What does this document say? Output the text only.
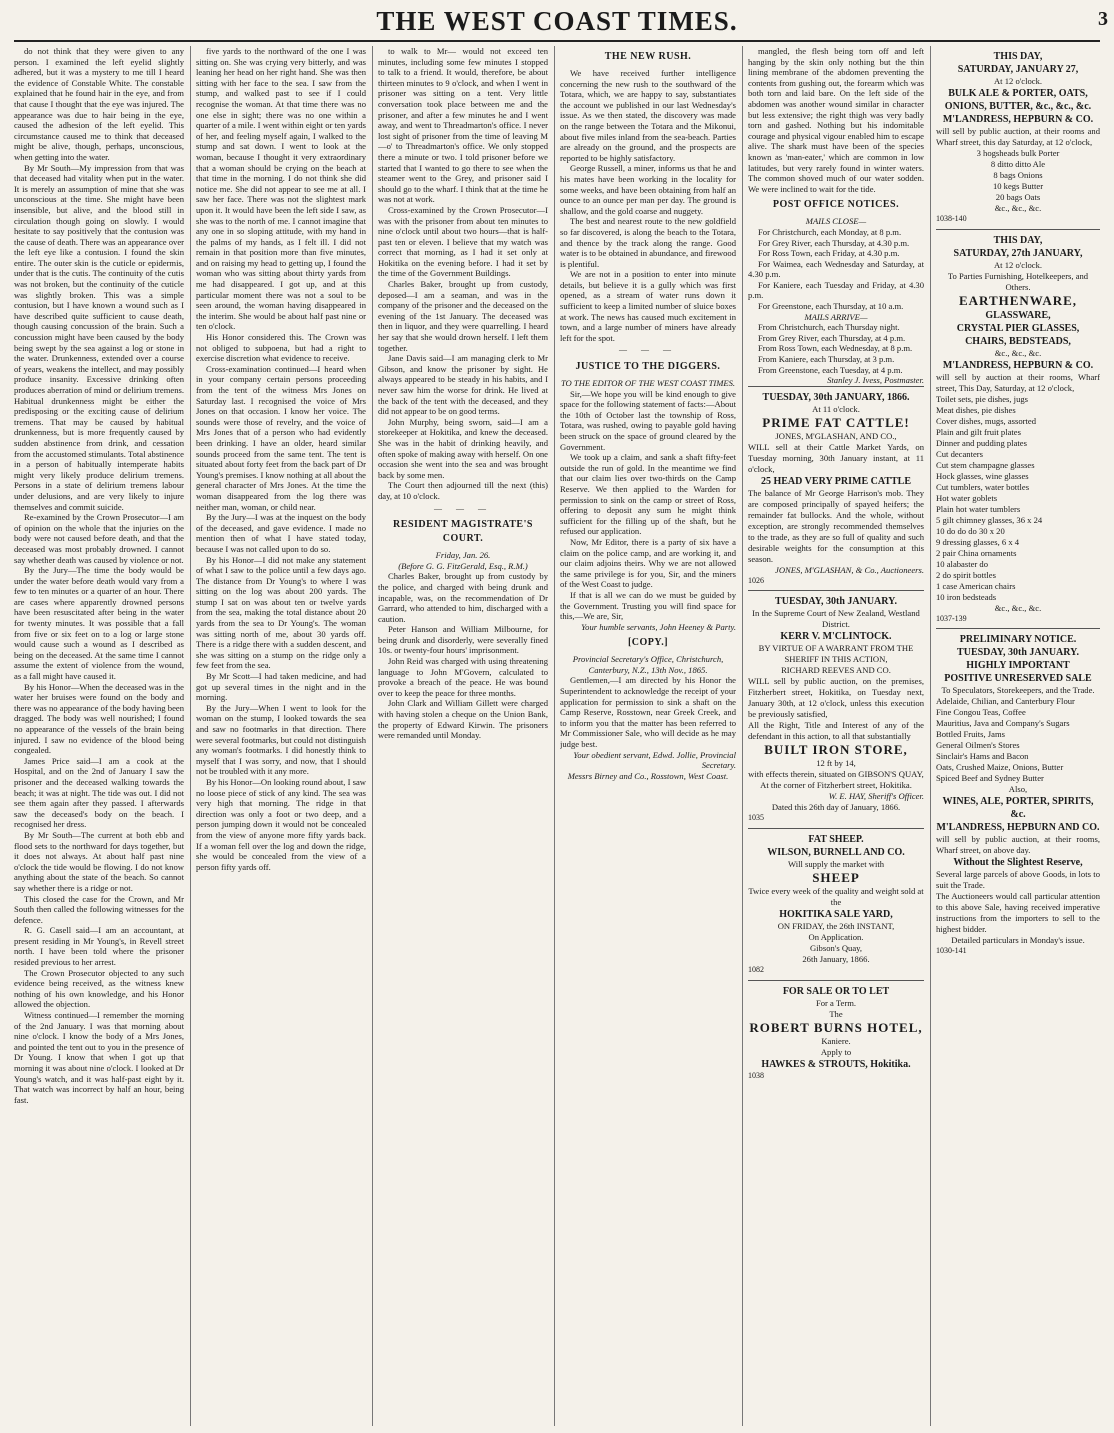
THE WEST COAST TIMES.	3

do not think that they were given to any person. I examined the left eyelid slightly adhered, but it was a mystery to me till I heard the evidence of Constable White. The constable explained that he found hair in the eye, and from that cause I thought that the eye was injured. The appearance was due to hair being in the eye, caused the adhesion of the left eyelid. This circumstance caused me to think that deceased might be alive, though, perhaps, unconscious, when getting into the water.

By Mr South—My impression from that was that deceased had vitality when put in the water. It is merely an assumption of mine that she was unconscious at the time. She might have been insensible, but alive, and the blood still in circulation though going on slowly. I would hesitate to say positively that the contusion was the cause of death. There was an appearance over the left eye like a contusion. I found the skin entire. The outer skin is the cuticle or epidermis, under that is the cutis. The continuity of the cutis was not broken, but the continuity of the cuticle was slightly broken. This was a simple contusion, but I have known a wound such as I have described quite sufficient to cause death, though causing concussion of the brain. Such a concussion might have been caused by the body being swept by the sea against a log or stone in the water. Drunkenness, extended over a course of years, weakens the intellect, and may possibly produce insanity. Excessive drinking often produces aberration of mind or delirium tremens. Habitual drunkenness might be either the predisposing or the exciting cause of delirium tremens. That may be caused by habitual drunkenness, but is more frequently caused by sudden abstinence from drink, and cessation from the accustomed stimulants. Total abstinence in a person of habitually intemperate habits might very likely produce delirium tremens. Persons in a state of delirium tremens labour under delusions, and are very likely to injure themselves and commit suicide.

Re-examined by the Crown Prosecutor—I am of opinion on the whole that the injuries on the body were not caused before death, and that the deceased was most probably drowned. I cannot say whether death was caused by violence or not.

By the Jury—The time the body would be under the water before death would vary from a few to ten minutes or a quarter of an hour. There are cases where apparently drowned persons have been resuscitated after being in the water for twenty minutes. It was possible that a fall from five or six feet on to a log or large stone would cause such a wound as I described as being on the deceased. At the same time I cannot assume the extent of violence from the wound, as a fall might have caused it.

By his Honor—When the deceased was in the water her bruises were found on the body and there was no appearance of the body having been dragged. The body was well nourished; I found no appearance of the vessels of the brain being injured. I saw no evidence of the blood being congealed.

James Price said—I am a cook at the Hospital, and on the 2nd of January I saw the prisoner and the deceased walking towards the beach; it was at night. The tide was out. I did not see them again after they passed. I afterwards saw the deceased's body on the beach. I recognised her dress.

By Mr South—The current at both ebb and flood sets to the northward for days together, but it does not always. At about half past nine o'clock the tide would be flowing. I do not know anything about the state of the beach. So cannot say whether there is a ridge or not.

This closed the case for the Crown, and Mr South then called the following witnesses for the defence.

R. G. Casell said—I am an accountant, at present residing in Mr Young's, in Revell street north. I have been told where the prisoner resided previous to her arrest.

The Crown Prosecutor objected to any such evidence being received, as the witness knew nothing of his own knowledge, and his Honor allowed the objection.

Witness continued—I remember the morning of the 2nd January. I was that morning about nine o'clock. I know the body of a Mrs Jones, and pointed the tent out to you in the presence of Dr Young. I know that when I got up that morning it was about nine o'clock. I looked at Dr Young's watch, and it was half-past eight by it. That watch was incorrect by half an hour, being fast.

five yards to the northward of the one I was sitting on. She was crying very bitterly, and was leaning her head on her right hand. She was then sitting with her face to the sea. I saw from the stump, and walked past to see if I could recognise the woman. At that time there was no one else in sight; there was no one within a quarter of a mile. I went within eight or ten yards of her, and feeling myself again, I walked to the stump and sat down. I went to look at the woman, because I thought it very extraordinary that a woman should be crying on the beach at that time in the morning. I do not think she did notice me. She did not appear to see me at all. I saw her face. There was not the slightest mark upon it. It would have been the left side I saw, as she was to the north of me. I cannot imagine that any one in so sloping attitude, with my hand in the palms of my hands, as I felt ill. I did not remain in that position more than five minutes, and on raising my head to getting up, I found the woman who was sitting about thirty yards from me had disappeared. I got up, and at this particular moment there was not a soul to be seen around, the woman having disappeared in the interim. She would be about half past nine or ten o'clock.

His Honor considered this. The Crown was not obliged to subpoena, but had a right to exercise discretion what evidence to receive.

Cross-examination continued—I heard when in your company certain persons proceeding from the tent of the witness Mrs Jones on Saturday last. I recognised the voice of Mrs Jones on that occasion. I know her voice. The sounds were those of revelry, and the voice of Mrs Jones that of a person who had evidently been drinking. I have an older, heard similar sounds proceed from the same tent. The tent is situated about forty feet from the back part of Dr Young's premises. I know nothing at all about the general character of Mrs Jones. At the time the woman disappeared from the log there was neither man, woman, or child near.

By the Jury—I was at the inquest on the body of the deceased, and gave evidence. I made no mention then of what I have stated today, because I was not called upon to do so.

By his Honor—I did not make any statement of what I saw to the police until a few days ago. The distance from Dr Young's to where I was sitting on the log was about 200 yards. The stump I sat on was about ten or twelve yards from the sea, making the total distance about 20 yards from the sea to Dr Young's. The woman was sitting north of me, about 30 yards off. There is a ridge there with a sudden descent, and she was sitting on a stump on the ridge only a few feet from the sea.

By Mr Scott—I had taken medicine, and had got up several times in the night and in the morning.

By the Jury—When I went to look for the woman on the stump, I looked towards the sea and saw no footmarks in that direction. There were several footmarks, but could not distinguish any woman's footmarks. I did honestly think to myself that I was sorry, and now, that I should not be troubled with it any more.

By his Honor—On looking round about, I saw no loose piece of stick of any kind. The sea was very high that morning. The ridge in that direction was only a foot or two deep, and a person jumping down it would not be concealed from the view of anyone more fifty yards back. If a woman fell over the log and down the ridge, she would be concealed from the view of a person fifty yards off.

to walk to Mr— would not exceed ten minutes, including some few minutes I stopped to talk to a friend. It would, therefore, be about thirteen minutes to 9 o'clock, and when I went in prisoner was sitting on a tent. Very little conversation took place between me and the prisoner, and after a few minutes he and I went away, and went to Threadmarton's office. I never lost sight of prisoner from the time of leaving M—o' to Threadmarton's office. We only stopped there a minute or two. I told prisoner before we started that I wanted to go there to see when the steamer went to the Grey, and prisoner said I should go to the wharf. I think that at the time he was not at work.

Cross-examined by the Crown Prosecutor—I was with the prisoner from about ten minutes to nine o'clock until about two hours—that is half-past ten or eleven. I believe that my watch was correct that morning, as I had it set only at Hokitika on the evening before. I had it set by the time of the Government Buildings.

Charles Baker, brought up from custody, deposed—I am a seaman, and was in the company of the prisoner and the deceased on the evening of the 1st January. The deceased was then in liquor, and they were quarrelling. I heard her say that she would drown herself. I left them together.

Jane Davis said—I am managing clerk to Mr Gibson, and know the prisoner by sight. He always appeared to be steady in his habits, and I never saw him the worse for drink. He lived at the back of the tent with the deceased, and they did not appear to be on good terms.

John Murphy, being sworn, said—I am a storekeeper at Hokitika, and knew the deceased. She was in the habit of drinking heavily, and often spoke of making away with herself. On one occasion she went into the sea and was brought back by some men.

The Court then adjourned till the next (this) day, at 10 o'clock.

— — —
RESIDENT MAGISTRATE'S COURT.
Friday, Jan. 26.
(Before G. G. FitzGerald, Esq., R.M.)

Charles Baker, brought up from custody by the police, and charged with being drunk and incapable, was, on the recommendation of Dr Garrard, who attended to him, discharged with a caution.

Peter Hanson and William Milbourne, for being drunk and disorderly, were severally fined 10s. or twenty-four hours' imprisonment.

John Reid was charged with using threatening language to John M'Govern, calculated to provoke a breach of the peace. He was bound over to keep the peace for three months.

John Clark and William Gillett were charged with having stolen a cheque on the Union Bank, the property of Edward Kirwin. The prisoners were remanded until Monday.

THE NEW RUSH.

We have received further intelligence concerning the new rush to the southward of the Totara, which, we are happy to say, substantiates the account we published in our last Wednesday's issue. As we then stated, the discovery was made on the range between the Totara and the Mikonui, about five miles inland from the sea-beach. Parties are already on the ground, and the prospects are reported to be highly satisfactory.

George Russell, a miner, informs us that he and his mates have been working in the locality for some weeks, and have been obtaining from half an ounce to an ounce per man per day. The ground is shallow, and the gold coarse and nuggety.

The best and nearest route to the new goldfield so far discovered, is along the beach to the Totara, and thence by the track along the range. Good water is to be obtained in abundance, and firewood is plentiful.

We are not in a position to enter into minute details, but believe it is a gully which was first opened, as a stream of water runs down it sufficient to keep a limited number of sluice boxes at work. The news has caused much excitement in town, and a large number of miners have already left for the spot.

— — —
JUSTICE TO THE DIGGERS.
TO THE EDITOR OF THE WEST COAST TIMES.

Sir,—We hope you will be kind enough to give space for the following statement of facts:—About the 10th of October last the township of Ross, Totara, was rushed, owing to payable gold having been struck on the space of ground cleared by the Government.

We took up a claim, and sank a shaft fifty-feet outside the run of gold. In the meantime we find that our claim lies over two-thirds on the Camp Reserve. We then applied to the Warden for permission to sink on the camp or street of Ross, offering to deposit any sum he might think sufficient for the filling up of the shaft, but he refused our application.

Now, Mr Editor, there is a party of six have a claim on the police camp, and are working it, and our claim adjoins theirs. Why we are not allowed the same privilege is for you, Sir, and the miners of the West Coast to judge.

If that is all we can do we must be guided by the Government. Trusting you will find space for this,—We are, Sir,

Your humble servants, John Heeney & Party.
[COPY.]
Provincial Secretary's Office, Christchurch, Canterbury, N.Z., 13th Nov., 1865.

Gentlemen,—I am directed by his Honor the Superintendent to acknowledge the receipt of your application for permission to sink a shaft on the Camp Reserve, Rosstown, near Greek Creek, and to inform you that the matter has been referred to Mr Commissioner Sale, who will decide as he may judge best.

Your obedient servant, Edwd. Jollie, Provincial Secretary.
Messrs Birney and Co., Rosstown, West Coast.

mangled, the flesh being torn off and left hanging by the skin only nothing but the thin lining membrane of the abdomen preventing the contents from gushing out, the forearm which was both torn and laid bare. On the left side of the abdomen was another wound similar in character but less extensive; the right thigh was very badly torn and gashed. Nothing but his indomitable courage and physical vigour enabled him to escape alive. The shark must have been of the species known as 'man-eater,' which are common in low latitudes, but very rarely found in winter waters. The common shoved much of our water sodden. We were inclined to wait for the tide.

POST OFFICE NOTICES.
MAILS CLOSE—

For Christchurch, each Monday, at 8 p.m.

For Grey River, each Thursday, at 4.30 p.m.

For Ross Town, each Friday, at 4.30 p.m.

For Waimea, each Wednesday and Saturday, at 4.30 p.m.

For Kaniere, each Tuesday and Friday, at 4.30 p.m.

For Greenstone, each Thursday, at 10 a.m.

MAILS ARRIVE—

From Christchurch, each Thursday night.

From Grey River, each Thursday, at 4 p.m.

From Ross Town, each Wednesday, at 8 p.m.

From Kaniere, each Thursday, at 3 p.m.

From Greenstone, each Tuesday, at 4 p.m.

Stanley J. Ivess, Postmaster.
TUESDAY, 30th JANUARY, 1866.
At 11 o'clock.
PRIME FAT CATTLE!
JONES, M'GLASHAN, AND CO.,
WILL sell at their Cattle Market Yards, on Tuesday morning, 30th January instant, at 11 o'clock,
25 HEAD VERY PRIME CATTLE
The balance of Mr George Harrison's mob. They are composed principally of spayed heifers; the remainder fat bullocks. And the whole, without exception, are strongly recommended themselves to the trade, as they are so full of quality and such desirable weights for the consumption at this season.
JONES, M'GLASHAN, & Co., Auctioneers.
1026
TUESDAY, 30th JANUARY.
In the Supreme Court of New Zealand, Westland District.
KERR V. M'CLINTOCK.
BY VIRTUE OF A WARRANT FROM THE SHERIFF IN THIS ACTION,
RICHARD REEVES AND CO.
WILL sell by public auction, on the premises, Fitzherbert street, Hokitika, on Tuesday next, January 30th, at 12 o'clock, unless this execution be previously satisfied,
All the Right, Title and Interest of any of the defendant in this action, to all that substantially
BUILT IRON STORE,
12 ft by 14,
with effects therein, situated on GIBSON'S QUAY, At the corner of Fitzherbert street, Hokitika.
W. E. HAY, Sheriff's Officer.
Dated this 26th day of January, 1866.
1035
FAT SHEEP.
WILSON, BURNELL AND CO.
Will supply the market with
SHEEP
Twice every week of the quality and weight sold at the
HOKITIKA SALE YARD,
ON FRIDAY, the 26th INSTANT,
On Application.
Gibson's Quay,
26th January, 1866.
1082
FOR SALE OR TO LET
For a Term.
The
ROBERT BURNS HOTEL,
Kaniere.
Apply to
HAWKES & STROUTS, Hokitika.
1038
THIS DAY,
SATURDAY, JANUARY 27,
At 12 o'clock.
BULK ALE & PORTER, OATS, ONIONS, BUTTER, &c., &c., &c.
M'LANDRESS, HEPBURN & CO.
will sell by public auction, at their rooms and Wharf street, this day Saturday, at 12 o'clock,
3 hogsheads bulk Porter
8 ditto ditto Ale
8 bags Onions
10 kegs Butter
20 bags Oats
&c., &c., &c.
1038-140
THIS DAY,
SATURDAY, 27th JANUARY,
At 12 o'clock.
To Parties Furnishing, Hotelkeepers, and Others.
EARTHENWARE,
GLASSWARE,
CRYSTAL PIER GLASSES,
CHAIRS, BEDSTEADS,
&c., &c., &c.
M'LANDRESS, HEPBURN & CO.
will sell by auction at their rooms, Wharf street, This Day, Saturday, at 12 o'clock,
Toilet sets, pie dishes, jugs
Meat dishes, pie dishes
Cover dishes, mugs, assorted
Plain and gilt fruit plates
Dinner and pudding plates
Cut decanters
Cut stem champagne glasses
Hock glasses, wine glasses
Cut tumblers, water bottles
Hot water goblets
Plain hot water tumblers
5 gilt chimney glasses, 36 x 24
10 do do do 30 x 20
9 dressing glasses, 6 x 4
2 pair China ornaments
10 alabaster do
2 do spirit bottles
1 case American chairs
10 iron bedsteads
&c., &c., &c.
1037-139
PRELIMINARY NOTICE.
TUESDAY, 30th JANUARY.
HIGHLY IMPORTANT
POSITIVE UNRESERVED SALE
To Speculators, Storekeepers, and the Trade.
Adelaide, Chilian, and Canterbury Flour
Fine Congou Teas, Coffee
Mauritius, Java and Company's Sugars
Bottled Fruits, Jams
General Oilmen's Stores
Sinclair's Hams and Bacon
Oats, Crushed Maize, Onions, Butter
Spiced Beef and Sydney Butter
Also,
WINES, ALE, PORTER, SPIRITS, &c.
M'LANDRESS, HEPBURN AND CO.
will sell by public auction, at their rooms, Wharf street, on above day.
Without the Slightest Reserve,
Several large parcels of above Goods, in lots to suit the Trade.
The Auctioneers would call particular attention to this above Sale, having received imperative instructions from the importers to sell to the highest bidder.
Detailed particulars in Monday's issue.
1030-141
